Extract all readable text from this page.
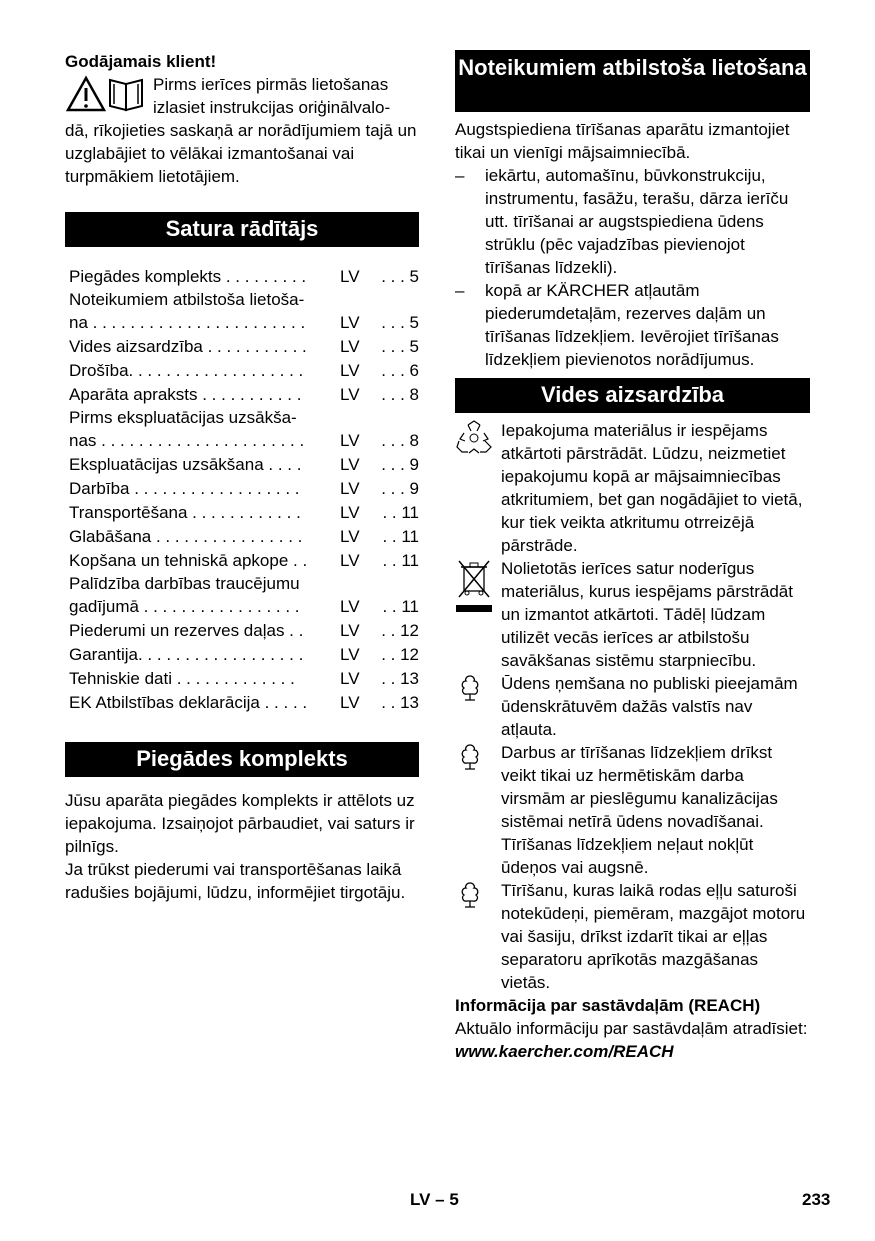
Godājamais klient!
Pirms ierīces pirmās lietošanas
izlasiet instrukcijas oriģinālvalo-
dā, rīkojieties saskaņā ar norādījumiem tajā un uzglabājiet to vēlākai izmantošanai vai turpmākiem lietotājiem.
Satura rādītājs
Piegādes komplekts . . . . . . . . .	LV	. . . 5
Noteikumiem atbilstoša lietoša-
na . . . . . . . . . . . . . . . . . . . . . . .	LV	. . . 5
Vides aizsardzība . . . . . . . . . . .	LV	. . . 5
Drošība. . . . . . . . . . . . . . . . . . .	LV	. . . 6
Aparāta apraksts . . . . . . . . . . .	LV	. . . 8
Pirms ekspluatācijas uzsākša-
nas . . . . . . . . . . . . . . . . . . . . . .	LV	. . . 8
Ekspluatācijas uzsākšana . . . .	LV	. . . 9
Darbība . . . . . . . . . . . . . . . . . .	LV	. . . 9
Transportēšana . . . . . . . . . . . .	LV	. . 11
Glabāšana . . . . . . . . . . . . . . . .	LV	. . 11
Kopšana un tehniskā apkope . .	LV	. . 11
Palīdzība darbības traucējumu
gadījumā . . . . . . . . . . . . . . . . .	LV	. . 11
Piederumi un rezerves daļas . .	LV	. . 12
Garantija. . . . . . . . . . . . . . . . . .	LV	. . 12
Tehniskie dati . . . . . . . . . . . . .	LV	. . 13
EK Atbilstības deklarācija . . . . .	LV	. . 13
Piegādes komplekts
Jūsu aparāta piegādes komplekts ir attēlots uz iepakojuma. Izsaiņojot pārbaudiet, vai saturs ir pilnīgs.
Ja trūkst piederumi vai transportēšanas laikā radušies bojājumi, lūdzu, informējiet tirgotāju.
Noteikumiem atbilstoša lietošana
Augstspiediena tīrīšanas aparātu izmantojiet tikai un vienīgi mājsaimniecībā.
–	iekārtu, automašīnu, būvkonstrukciju, instrumentu, fasāžu, terašu, dārza ierīču utt. tīrīšanai ar augstspiediena ūdens strūklu (pēc vajadzības pievienojot tīrīšanas līdzekli).
–	kopā ar KÄRCHER atļautām piederumdetaļām, rezerves daļām un tīrīšanas līdzekļiem. Ievērojiet tīrīšanas līdzekļiem pievienotos norādījumus.
Vides aizsardzība
Iepakojuma materiālus ir iespējams atkārtoti pārstrādāt. Lūdzu, neizmetiet iepakojumu kopā ar mājsaimniecības atkritumiem, bet gan nogādājiet to vietā, kur tiek veikta atkritumu otrreizējā pārstrāde.
Nolietotās ierīces satur noderīgus materiālus, kurus iespējams pārstrādāt un izmantot atkārtoti. Tādēļ lūdzam utilizēt vecās ierīces ar atbilstošu savākšanas sistēmu starpniecību.
Ūdens ņemšana no publiski pieejamām ūdenskrātuvēm dažās valstīs nav atļauta.
Darbus ar tīrīšanas līdzekļiem drīkst veikt tikai uz hermētiskām darba virsmām ar pieslēgumu kanalizācijas sistēmai netīrā ūdens novadīšanai. Tīrīšanas līdzekļiem neļaut nokļūt ūdeņos vai augsnē.
Tīrīšanu, kuras laikā rodas eļļu saturoši notekūdeņi, piemēram, mazgājot motoru vai šasiju, drīkst izdarīt tikai ar eļļas separatoru aprīkotās mazgāšanas vietās.
Informācija par sastāvdaļām (REACH)
Aktuālo informāciju par sastāvdaļām atradīsiet:
www.kaercher.com/REACH
LV – 5	233
